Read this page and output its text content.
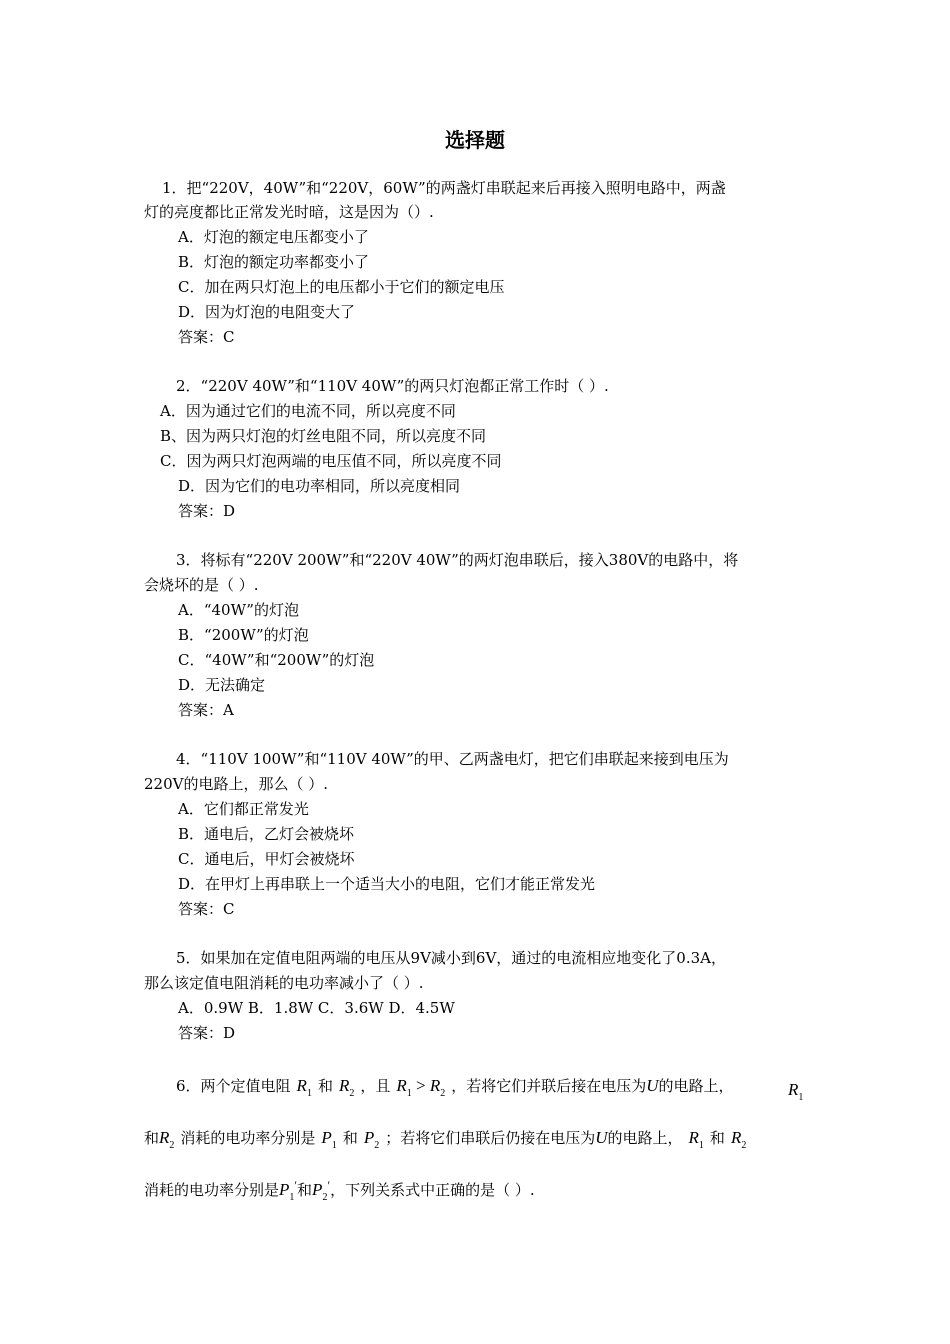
选择题
1．把“220V，40W”和“220V，60W”的两盏灯串联起来后再接入照明电路中，两盏
灯的亮度都比正常发光时暗，这是因为（）.
A．灯泡的额定电压都变小了
B．灯泡的额定功率都变小了
C．加在两只灯泡上的电压都小于它们的额定电压
D．因为灯泡的电阻变大了
答案：C
2．“220V 40W”和“110V 40W”的两只灯泡都正常工作时（ ）.
A．因为通过它们的电流不同，所以亮度不同
B、因为两只灯泡的灯丝电阻不同，所以亮度不同
C．因为两只灯泡两端的电压值不同，所以亮度不同
D．因为它们的电功率相同，所以亮度相同
答案：D
3．将标有“220V 200W”和“220V 40W”的两灯泡串联后，接入380V的电路中，将
会烧坏的是（ ）.
A．“40W”的灯泡
B．“200W”的灯泡
C．“40W”和“200W”的灯泡
D．无法确定
答案：A
4．“110V 100W”和“110V 40W”的甲、乙两盏电灯，把它们串联起来接到电压为
220V的电路上，那么（ ）.
A．它们都正常发光
B．通电后，乙灯会被烧坏
C．通电后，甲灯会被烧坏
D．在甲灯上再串联上一个适当大小的电阻，它们才能正常发光
答案：C
5．如果加在定值电阻两端的电压从9V减小到6V，通过的电流相应地变化了0.3A，
那么该定值电阻消耗的电功率减小了（ ）.
A．0.9W B．1.8W C．3.6W D．4.5W
答案：D
6．两个定值电阻 $R_1$ 和 $R_2$ ，且 $R_1 > R_2$ ，若将它们并联后接在电压为U的电路上，	$R_1$
和$R_2$ 消耗的电功率分别是 $P_1$ 和 $P_2$ ；若将它们串联后仍接在电压为U的电路上， $R_1$ 和 $R_2$
消耗的电功率分别是$P_1'$和$P_2'$，下列关系式中正确的是（ ）.
